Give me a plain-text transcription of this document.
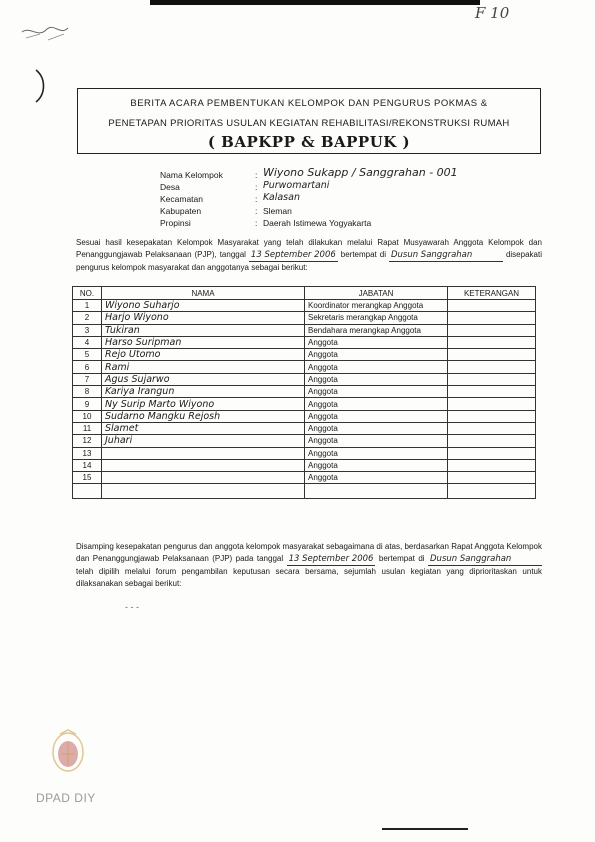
F 10
BERITA ACARA PEMBENTUKAN KELOMPOK DAN PENGURUS POKMAS &
PENETAPAN PRIORITAS USULAN KEGIATAN REHABILITASI/REKONSTRUKSI RUMAH
( BAPKPP & BAPPUK )
Nama Kelompok	: Wiyono Sukapp / Sanggrahan - 001
Desa	: Purwomartani
Kecamatan	: Kalasan
Kabupaten	: Sleman
Propinsi	: Daerah Istimewa Yogyakarta
Sesuai hasil kesepakatan Kelompok Masyarakat yang telah dilakukan melalui Rapat Musyawarah Anggota Kelompok dan Penanggungjawab Pelaksanaan (PJP), tanggal 13 September 2006 bertempat di Dusun Sanggrahan	disepakati pengurus kelompok masyarakat dan anggotanya sebagai berikut:
NO.	NAMA	JABATAN	KETERANGAN
1	Wiyono Suharjo	Koordinator merangkap Anggota	
2	Harjo Wiyono	Sekretaris merangkap Anggota	
3	Tukiran	Bendahara merangkap Anggota	
4	Harso Suripman	Anggota	
5	Rejo Utomo	Anggota	
6	Rami	Anggota	
7	Agus Sujarwo	Anggota	
8	Kariya Irangun	Anggota	
9	Ny Surip Marto Wiyono	Anggota	
10	Sudarno Mangku Rejosh	Anggota	
11	Slamet	Anggota	
12	Juhari	Anggota	
13		Anggota	
14		Anggota	
15		Anggota	

Disamping kesepakatan pengurus dan anggota kelompok masyarakat sebagaimana di atas, berdasarkan Rapat Anggota Kelompok dan Penanggungjawab Pelaksanaan (PJP) pada tanggal 13 September 2006 bertempat di Dusun Sanggrahan telah dipilih melalui forum pengambilan keputusan secara bersama, sejumlah usulan kegiatan yang diprioritaskan untuk dilaksanakan sebagai berikut:
- - -
DPAD DIY
